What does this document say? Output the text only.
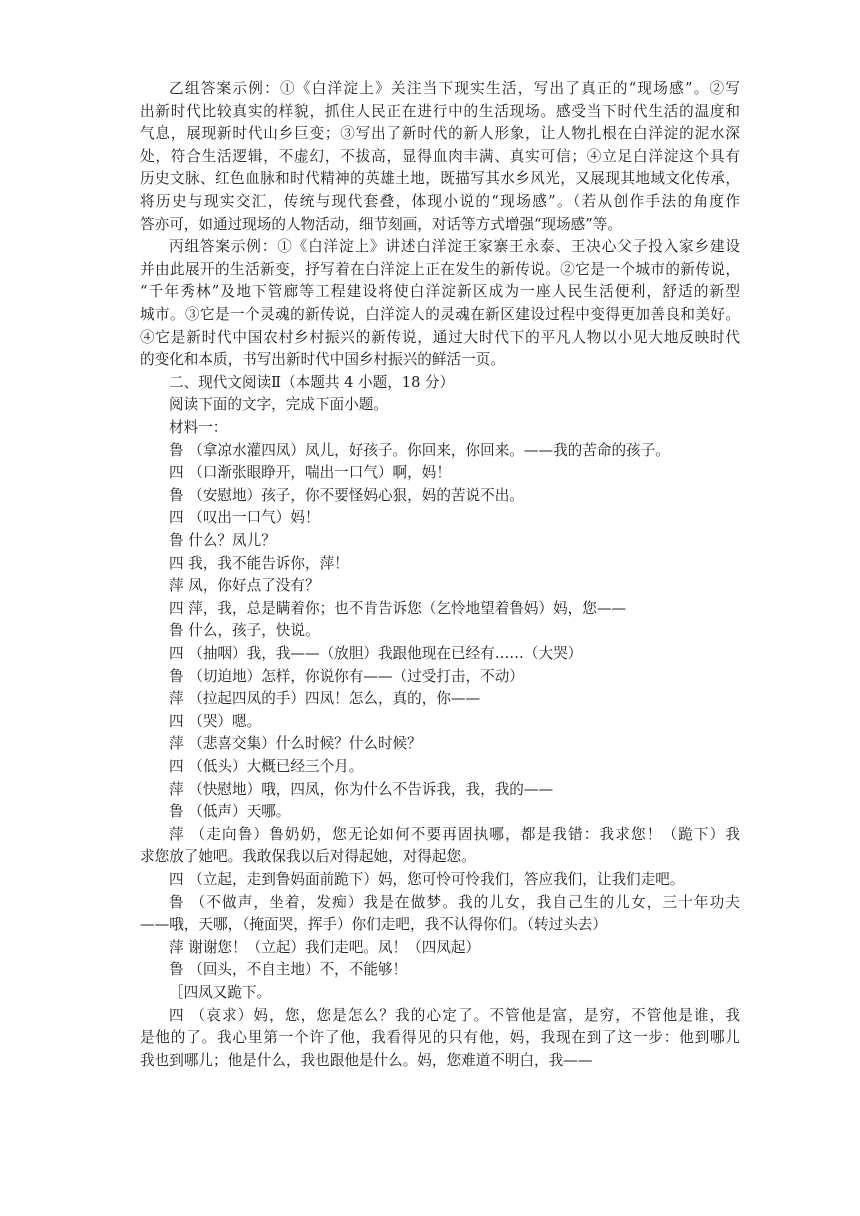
乙组答案示例：①《白洋淀上》关注当下现实生活，写出了真正的“现场感”。②写
出新时代比较真实的样貌，抓住人民正在进行中的生活现场。感受当下时代生活的温度和
气息，展现新时代山乡巨变；③写出了新时代的新人形象，让人物扎根在白洋淀的泥水深
处，符合生活逻辑，不虚幻，不拔高，显得血肉丰满、真实可信；④立足白洋淀这个具有
历史文脉、红色血脉和时代精神的英雄土地，既描写其水乡风光，又展现其地域文化传承，
将历史与现实交汇，传统与现代套叠，体现小说的“现场感”。（若从创作手法的角度作
答亦可，如通过现场的人物活动，细节刻画，对话等方式增强“现场感”等。
丙组答案示例：①《白洋淀上》讲述白洋淀王家寨王永泰、王决心父子投入家乡建设
并由此展开的生活新变，抒写着在白洋淀上正在发生的新传说。②它是一个城市的新传说，
“千年秀林”及地下管廊等工程建设将使白洋淀新区成为一座人民生活便利，舒适的新型
城市。③它是一个灵魂的新传说，白洋淀人的灵魂在新区建设过程中变得更加善良和美好。
④它是新时代中国农村乡村振兴的新传说，通过大时代下的平凡人物以小见大地反映时代
的变化和本质，书写出新时代中国乡村振兴的鲜活一页。
二、现代文阅读Ⅱ（本题共 4 小题，18 分）
阅读下面的文字，完成下面小题。
材料一：
鲁 （拿凉水灌四凤）凤儿，好孩子。你回来，你回来。——我的苦命的孩子。
四 （口渐张眼睁开，喘出一口气）啊，妈！
鲁 （安慰地）孩子，你不要怪妈心狠，妈的苦说不出。
四 （叹出一口气）妈！
鲁 什么？凤儿？
四 我，我不能告诉你，萍！
萍 凤，你好点了没有？
四 萍，我，总是瞒着你；也不肯告诉您（乞怜地望着鲁妈）妈，您——
鲁 什么，孩子，快说。
四 （抽咽）我，我——（放胆）我跟他现在已经有……（大哭）
鲁 （切迫地）怎样，你说你有——（过受打击，不动）
萍 （拉起四凤的手）四凤！怎么，真的，你——
四 （哭）嗯。
萍 （悲喜交集）什么时候？什么时候？
四 （低头）大概已经三个月。
萍 （快慰地）哦，四凤，你为什么不告诉我，我，我的——
鲁 （低声）天哪。
萍 （走向鲁）鲁奶奶，您无论如何不要再固执哪，都是我错：我求您！（跪下）我
求您放了她吧。我敢保我以后对得起她，对得起您。
四 （立起，走到鲁妈面前跪下）妈，您可怜可怜我们，答应我们，让我们走吧。
鲁 （不做声，坐着，发痴）我是在做梦。我的儿女，我自己生的儿女，三十年功夫
——哦，天哪，（掩面哭，挥手）你们走吧，我不认得你们。（转过头去）
萍 谢谢您！（立起）我们走吧。凤！（四凤起）
鲁 （回头，不自主地）不，不能够！
［四凤又跪下。
四 （哀求）妈，您，您是怎么？我的心定了。不管他是富，是穷，不管他是谁，我
是他的了。我心里第一个许了他，我看得见的只有他，妈，我现在到了这一步：他到哪儿
我也到哪儿；他是什么，我也跟他是什么。妈，您难道不明白，我——
